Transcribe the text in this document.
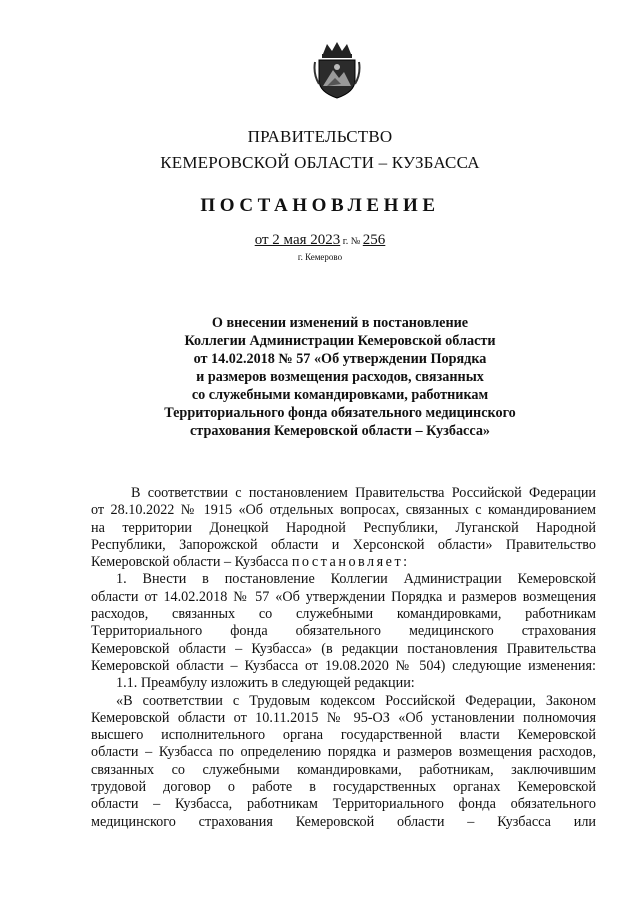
ПРАВИТЕЛЬСТВО
КЕМЕРОВСКОЙ ОБЛАСТИ – КУЗБАССА
ПОСТАНОВЛЕНИЕ
от 2 мая 2023 г. № 256
г. Кемерово
О внесении изменений в постановление
Коллегии Администрации Кемеровской области
от 14.02.2018 № 57 «Об утверждении Порядка
и размеров возмещения расходов, связанных
со служебными командировками, работникам
Территориального фонда обязательного медицинского
страхования Кемеровской области – Кузбасса»
В соответствии с постановлением Правительства Российской Федерации
от 28.10.2022 № 1915 «Об отдельных вопросах, связанных с командированием
на территории Донецкой Народной Республики, Луганской Народной
Республики, Запорожской области и Херсонской области» Правительство
Кемеровской области – Кузбасса постановляет:
1. Внести в постановление Коллегии Администрации Кемеровской
области от 14.02.2018 № 57 «Об утверждении Порядка и размеров возмещения
расходов, связанных со служебными командировками, работникам
Территориального фонда обязательного медицинского страхования
Кемеровской области – Кузбасса» (в редакции постановления Правительства
Кемеровской области – Кузбасса от 19.08.2020 № 504) следующие изменения:
1.1. Преамбулу изложить в следующей редакции:
«В соответствии с Трудовым кодексом Российской Федерации, Законом
Кемеровской области от 10.11.2015 № 95-ОЗ «Об установлении полномочия
высшего исполнительного органа государственной власти Кемеровской
области – Кузбасса по определению порядка и размеров возмещения расходов,
связанных со служебными командировками, работникам, заключившим
трудовой договор о работе в государственных органах Кемеровской
области – Кузбасса, работникам Территориального фонда обязательного
медицинского страхования Кемеровской области – Кузбасса или
